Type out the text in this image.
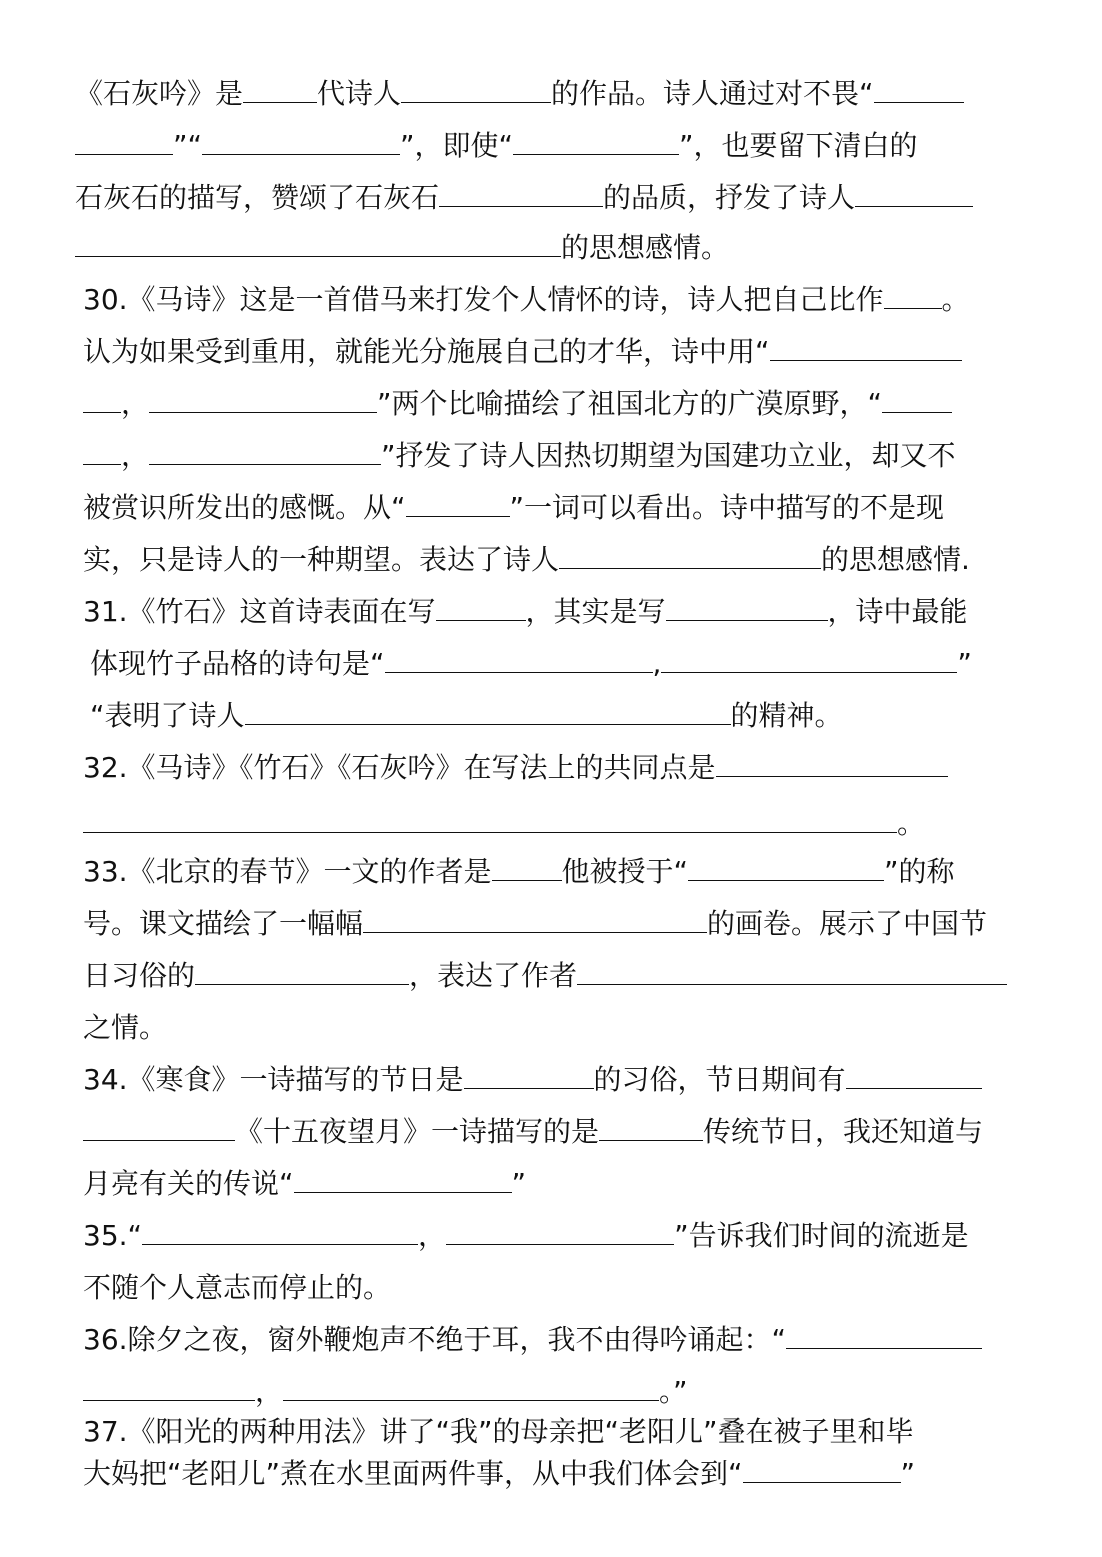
《石灰吟》是	代诗人	的作品。诗人通过对不畏“
”“	”，即使“	”，也要留下清白的
石灰石的描写，赞颂了石灰石	的品质，抒发了诗人
的思想感情。
30.《马诗》这是一首借马来打发个人情怀的诗，诗人把自己比作 。
认为如果受到重用，就能光分施展自己的才华，诗中用“
，	”两个比喻描绘了祖国北方的广漠原野，“
，	”抒发了诗人因热切期望为国建功立业，却又不
被赏识所发出的感慨。从“	”一词可以看出。诗中描写的不是现
实，只是诗人的一种期望。表达了诗人	的思想感情.
31.《竹石》这首诗表面在写	，其实是写	，诗中最能
体现竹子品格的诗句是“	,	”
“表明了诗人	的精神。
32.《马诗》《竹石》《石灰吟》在写法上的共同点是
。
33.《北京的春节》一文的作者是	他被授于“	”的称
号。课文描绘了一幅幅	的画卷。展示了中国节
日习俗的	，表达了作者
之情。
34.《寒食》一诗描写的节日是	的习俗，节日期间有
《十五夜望月》一诗描写的是	传统节日，我还知道与
月亮有关的传说“	”
35.“	，	”告诉我们时间的流逝是
不随个人意志而停止的。
36.除夕之夜，窗外鞭炮声不绝于耳，我不由得吟诵起：“
，	。”
37.《阳光的两种用法》讲了“我”的母亲把“老阳儿”叠在被子里和毕
大妈把“老阳儿”煮在水里面两件事，从中我们体会到“	”
